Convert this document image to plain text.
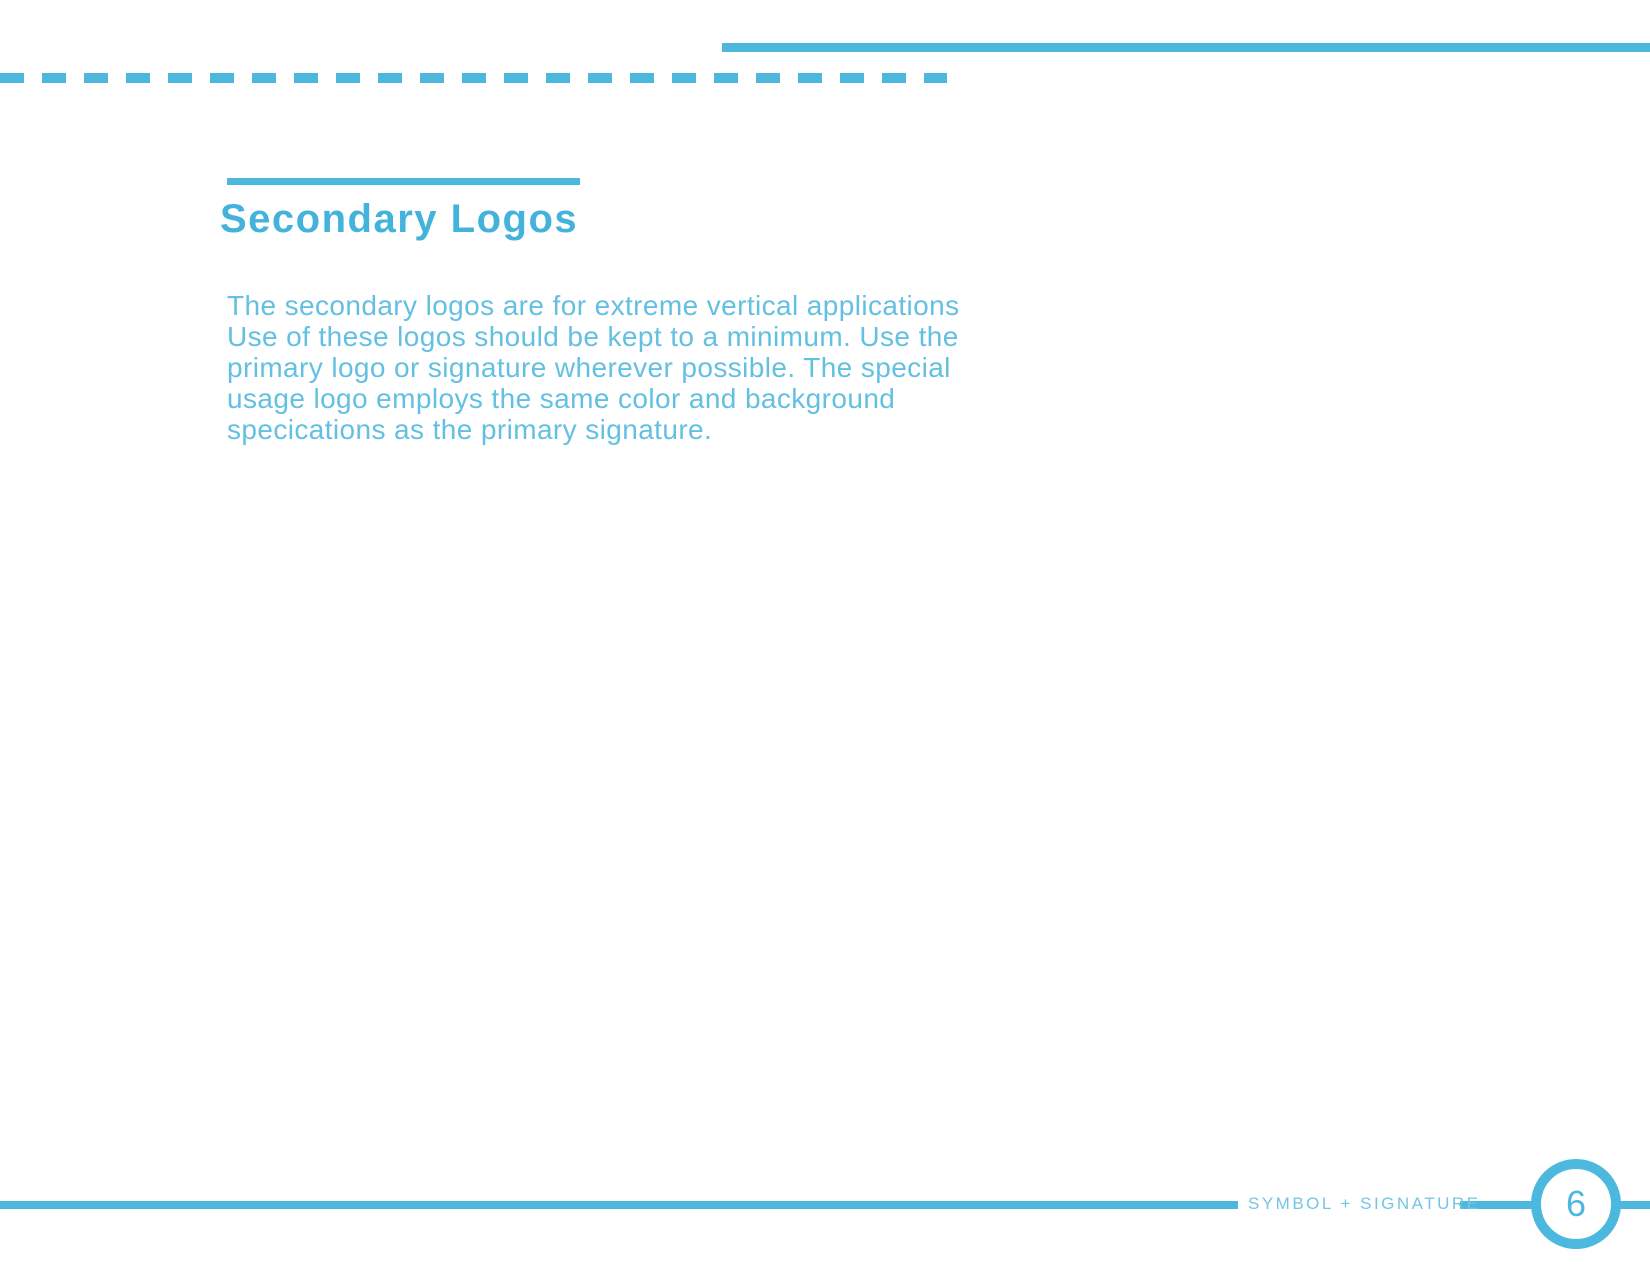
Secondary Logos
The secondary logos are for extreme vertical applications
Use of these logos should be kept to a minimum. Use the
primary logo or signature wherever possible. The special
usage logo employs the same color and background
specications as the primary signature.
SYMBOL + SIGNATURE 6
